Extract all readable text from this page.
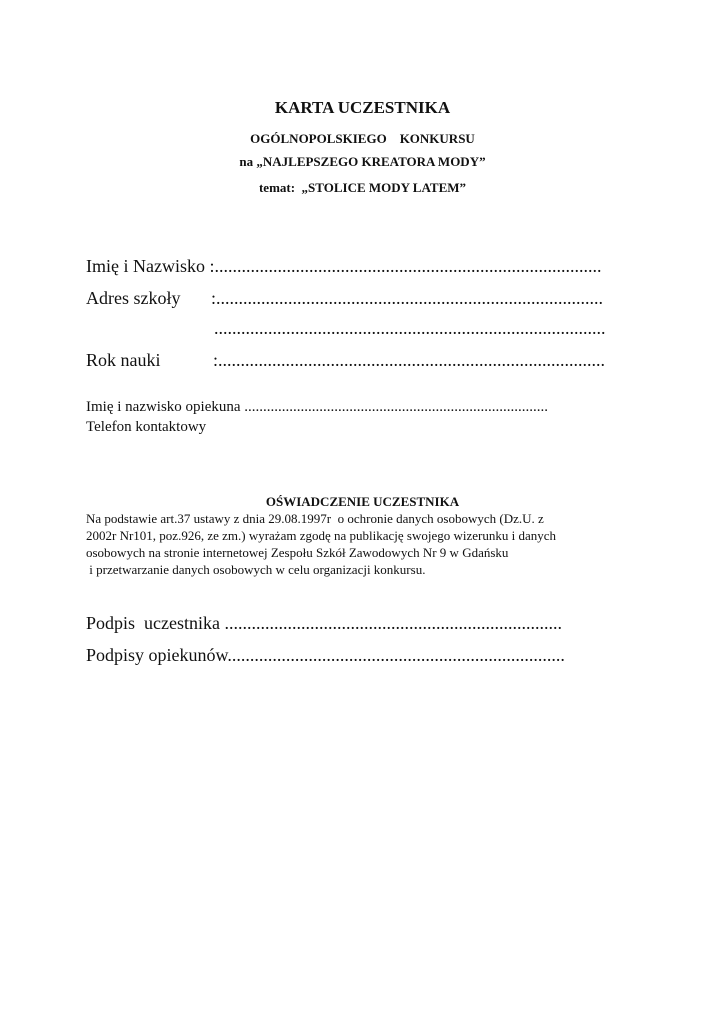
KARTA UCZESTNIKA
OGÓLNOPOLSKIEGO    KONKURSU
na „NAJLEPSZEGO KREATORA MODY”
temat:  „STOLICE MODY LATEM”
Imię i Nazwisko :......................................................................................
Adres szkoły :......................................................................................
.......................................................................................
Rok nauki	:......................................................................................
Imię i nazwisko opiekuna .................................................................................
Telefon kontaktowy
OŚWIADCZENIE UCZESTNIKA
Na podstawie art.37 ustawy z dnia 29.08.1997r  o ochronie danych osobowych (Dz.U. z
2002r Nr101, poz.926, ze zm.) wyrażam zgodę na publikację swojego wizerunku i danych
osobowych na stronie internetowej Zespołu Szkół Zawodowych Nr 9 w Gdańsku
i przetwarzanie danych osobowych w celu organizacji konkursu.
Podpis  uczestnika ...........................................................................
Podpisy opiekunów...........................................................................
